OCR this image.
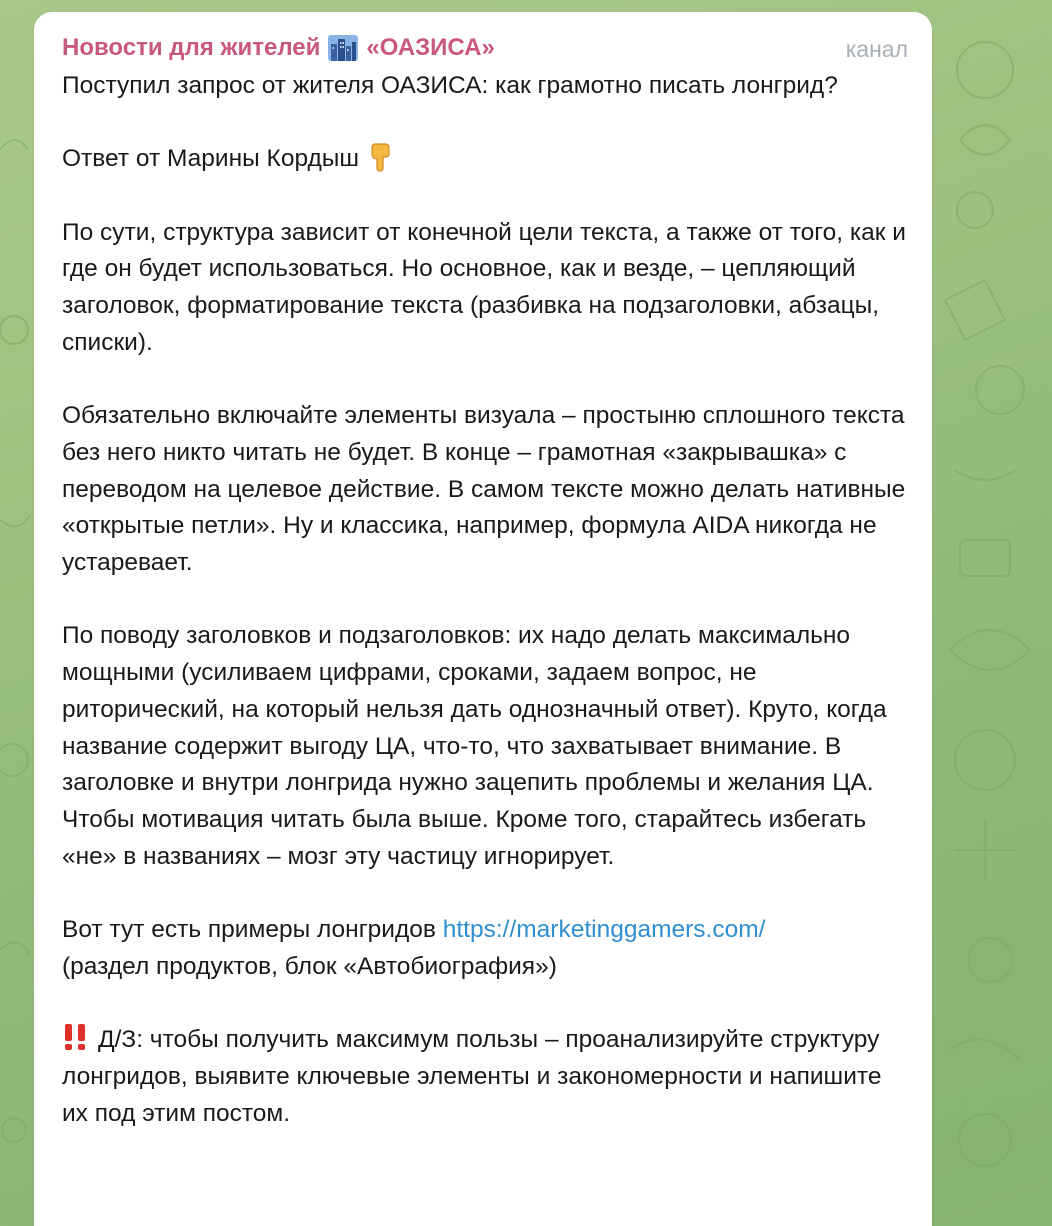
Новости для жителей «ОАЗИСА»	канал

Поступил запрос от жителя ОАЗИСА: как грамотно писать лонгрид?

Ответ от Марины Кордыш

По сути, структура зависит от конечной цели текста, а также от того, как и где он будет использоваться. Но основное, как и везде, – цепляющий заголовок, форматирование текста (разбивка на подзаголовки, абзацы, списки).

Обязательно включайте элементы визуала – простыню сплошного текста без него никто читать не будет. В конце – грамотная «закрывашка» с переводом на целевое действие. В самом тексте можно делать нативные «открытые петли». Ну и классика, например, формула AIDA никогда не устаревает.

По поводу заголовков и подзаголовков: их надо делать максимально мощными (усиливаем цифрами, сроками, задаем вопрос, не риторический, на который нельзя дать однозначный ответ). Круто, когда название содержит выгоду ЦА, что-то, что захватывает внимание. В заголовке и внутри лонгрида нужно зацепить проблемы и желания ЦА. Чтобы мотивация читать была выше. Кроме того, старайтесь избегать «не» в названиях – мозг эту частицу игнорирует.

Вот тут есть примеры лонгридов https://marketinggamers.com/
(раздел продуктов, блок «Автобиография»)

Д/З: чтобы получить максимум пользы – проанализируйте структуру лонгридов, выявите ключевые элементы и закономерности и напишите их под этим постом.
